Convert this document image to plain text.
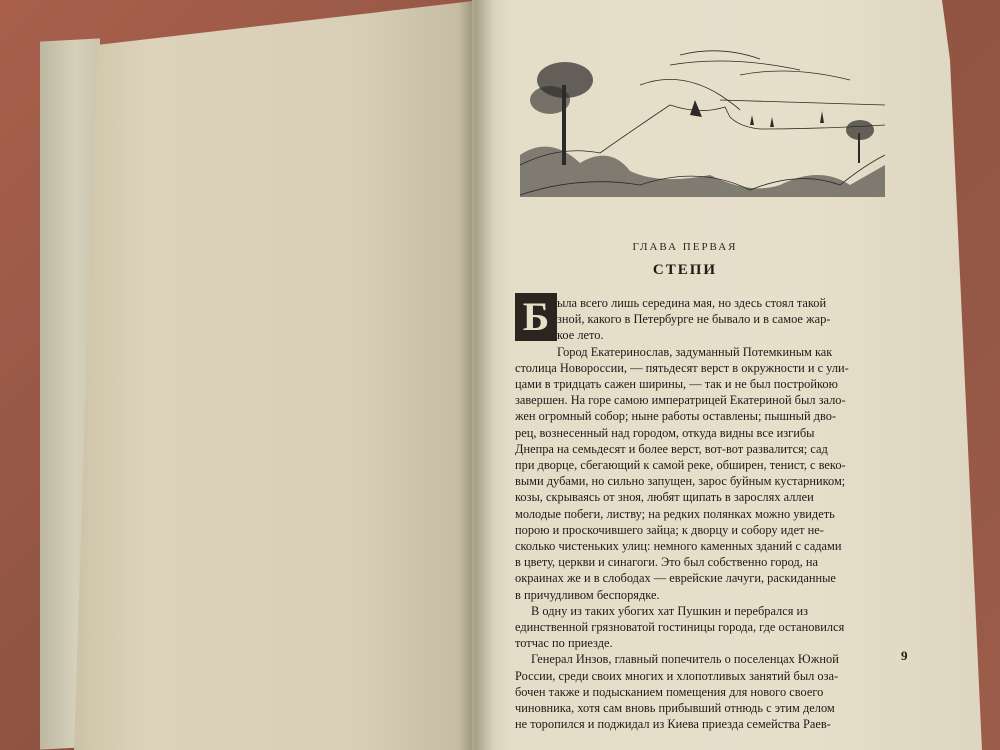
ГЛАВА ПЕРВАЯ
СТЕПИ
Б ыла всего лишь середина мая, но здесь стоял такой
зной, какого в Петербурге не бывало и в самое жар-
кое лето.
Город Екатеринослав, задуманный Потемкиным как
столица Новороссии, — пятьдесят верст в окружности и с ули-
цами в тридцать сажен ширины, — так и не был постройкою
завершен. На горе самою императрицей Екатериной был зало-
жен огромный собор; ныне работы оставлены; пышный дво-
рец, вознесенный над городом, откуда видны все изгибы
Днепра на семьдесят и более верст, вот-вот развалится; сад
при дворце, сбегающий к самой реке, обширен, тенист, с веко-
выми дубами, но сильно запущен, зарос буйным кустарником;
козы, скрываясь от зноя, любят щипать в зарослях аллеи
молодые побеги, листву; на редких полянках можно увидеть
порою и проскочившего зайца; к дворцу и собору идет не-
сколько чистеньких улиц: немного каменных зданий с садами
в цвету, церкви и синагоги. Это был собственно город, на
окраинах же и в слободах — еврейские лачуги, раскиданные
в причудливом беспорядке.
В одну из таких убогих хат Пушкин и перебрался из
единственной грязноватой гостиницы города, где остановился
тотчас по приезде.
Генерал Инзов, главный попечитель о поселенцах Южной
России, среди своих многих и хлопотливых занятий был оза-
бочен также и подысканием помещения для нового своего
чиновника, хотя сам вновь прибывший отнюдь с этим делом
не торопился и поджидал из Киева приезда семейства Раев-
9
